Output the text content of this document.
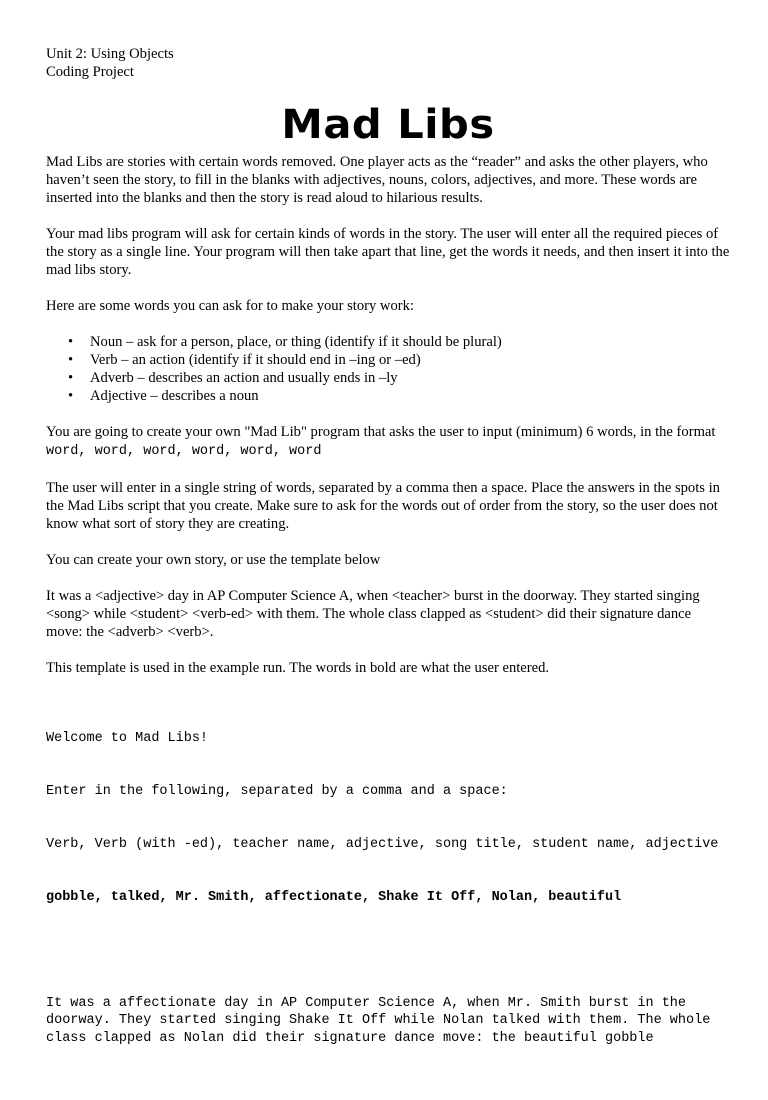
Unit 2: Using Objects
Coding Project
Mad Libs

Mad Libs are stories with certain words removed. One player acts as the “reader” and asks the other players, who haven’t seen the story, to fill in the blanks with adjectives, nouns, colors, adjectives, and more. These words are inserted into the blanks and then the story is read aloud to hilarious results.

Your mad libs program will ask for certain kinds of words in the story. The user will enter all the required pieces of the story as a single line. Your program will then take apart that line, get the words it needs, and then insert it into the mad libs story.

Here are some words you can ask for to make your story work:

• Noun – ask for a person, place, or thing (identify if it should be plural)
• Verb – an action (identify if it should end in –ing or –ed)
• Adverb – describes an action and usually ends in –ly
• Adjective – describes a noun

You are going to create your own "Mad Lib" program that asks the user to input (minimum) 6 words, in the format word, word, word, word, word, word

The user will enter in a single string of words, separated by a comma then a space. Place the answers in the spots in the Mad Libs script that you create. Make sure to ask for the words out of order from the story, so the user does not know what sort of story they are creating.

You can create your own story, or use the template below

It was a <adjective> day in AP Computer Science A, when <teacher> burst in the doorway. They started singing <song> while <student> <verb-ed> with them. The whole class clapped as <student> did their signature dance move: the <adverb> <verb>.

This template is used in the example run. The words in bold are what the user entered.

Welcome to Mad Libs!

Enter in the following, separated by a comma and a space:

Verb, Verb (with -ed), teacher name, adjective, song title, student name, adjective

gobble, talked, Mr. Smith, affectionate, Shake It Off, Nolan, beautiful

It was a affectionate day in AP Computer Science A, when Mr. Smith burst in the doorway. They started singing Shake It Off while Nolan talked with them. The whole class clapped as Nolan did their signature dance move: the beautiful gobble
